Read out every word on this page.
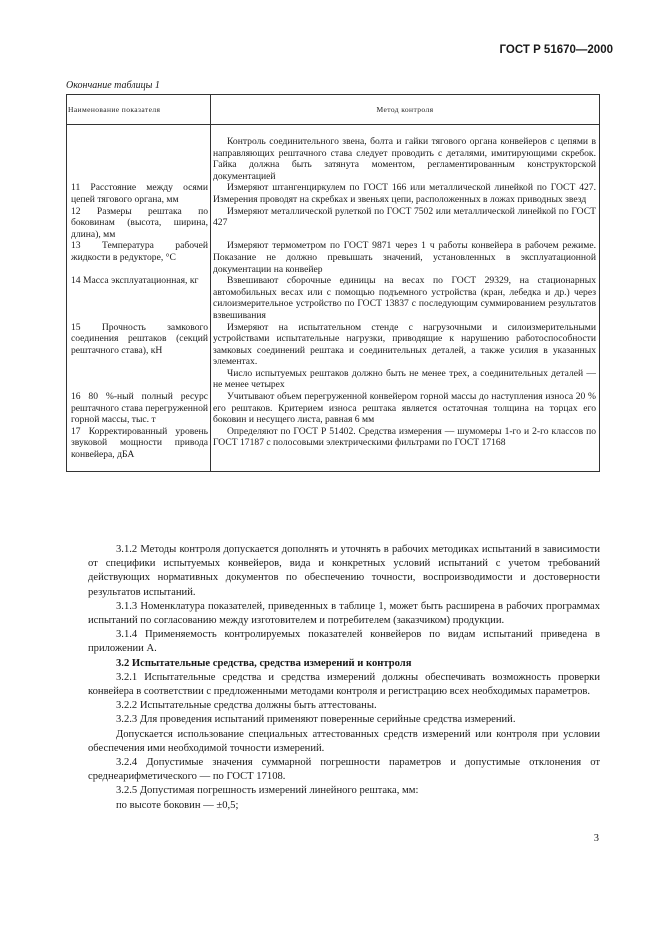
ГОСТ Р 51670—2000
Окончание таблицы 1
Наименование показателя	Метод контроля

	Контроль соединительного звена, болта и гайки тягового органа конвейеров с цепями в направляющих рештачного става следует проводить с деталями, имитирующими скребок. Гайка должна быть затянута моментом, регламентированным конструкторской документацией

11 Расстояние между осями цепей тягового органа, мм	Измеряют штангенциркулем по ГОСТ 166 или металлической линейкой по ГОСТ 427. Измерения проводят на скребках и звеньях цепи, расположенных в ложах приводных звезд

12 Размеры рештака по боковинам (высота, ширина, длина), мм	Измеряют металлической рулеткой по ГОСТ 7502 или металлической линейкой по ГОСТ 427

13 Температура рабочей жидкости в редукторе, °С	Измеряют термометром по ГОСТ 9871 через 1 ч работы конвейера в рабочем режиме. Показание не должно превышать значений, установленных в эксплуатационной документации на конвейер

14 Масса эксплуатационная, кг	Взвешивают сборочные единицы на весах по ГОСТ 29329, на стационарных автомобильных весах или с помощью подъемного устройства (кран, лебедка и др.) через силоизмерительное устройство по ГОСТ 13837 с последующим суммированием результатов взвешивания

15 Прочность замкового соединения рештаков (секций рештачного става), кН	Измеряют на испытательном стенде с нагрузочными и силоизмерительными устройствами испытательные нагрузки, приводящие к нарушению работоспособности замковых соединений рештака и соединительных деталей, а также усилия в указанных элементах.

Число испытуемых рештаков должно быть не менее трех, а соединительных деталей — не менее четырех

16 80 %-ный полный ресурс рештачного става перегруженной горной массы, тыс. т	Учитывают объем перегруженной конвейером горной массы до наступления износа 20 % его рештаков. Критерием износа рештака является остаточная толщина на торцах его боковин и несущего листа, равная 6 мм

17 Корректированный уровень звуковой мощности привода конвейера, дБА	Определяют по ГОСТ Р 51402. Средства измерения — шумомеры 1-го и 2-го классов по ГОСТ 17187 с полосовыми электрическими фильтрами по ГОСТ 17168

3.1.2 Методы контроля допускается дополнять и уточнять в рабочих методиках испытаний в зависимости от специфики испытуемых конвейеров, вида и конкретных условий испытаний с учетом требований действующих нормативных документов по обеспечению точности, воспроизводимости и достоверности результатов испытаний.

3.1.3 Номенклатура показателей, приведенных в таблице 1, может быть расширена в рабочих программах испытаний по согласованию между изготовителем и потребителем (заказчиком) продукции.

3.1.4 Применяемость контролируемых показателей конвейеров по видам испытаний приведена в приложении А.

3.2 Испытательные средства, средства измерений и контроля

3.2.1 Испытательные средства и средства измерений должны обеспечивать возможность проверки конвейера в соответствии с предложенными методами контроля и регистрацию всех необходимых параметров.

3.2.2 Испытательные средства должны быть аттестованы.

3.2.3 Для проведения испытаний применяют поверенные серийные средства измерений.

Допускается использование специальных аттестованных средств измерений или контроля при условии обеспечения ими необходимой точности измерений.

3.2.4 Допустимые значения суммарной погрешности параметров и допустимые отклонения от среднеарифметического — по ГОСТ 17108.

3.2.5 Допустимая погрешность измерений линейного рештака, мм:

по высоте боковин — ±0,5;

3
